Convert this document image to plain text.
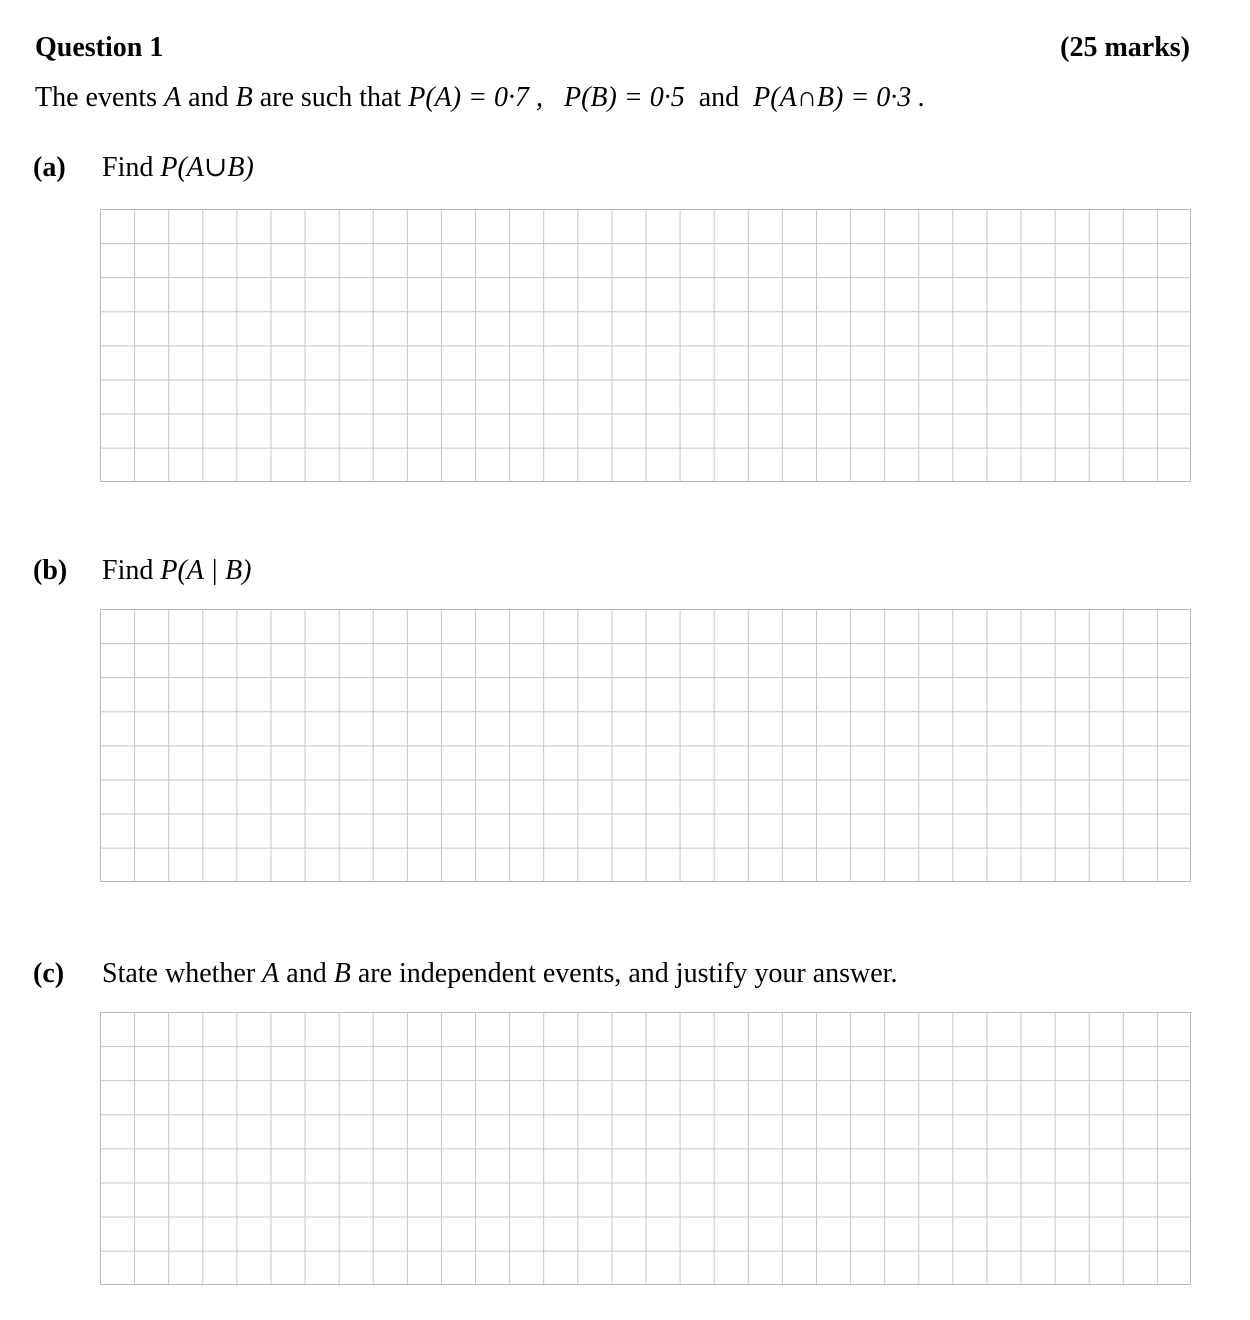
Question 1	(25 marks)
The events A and B are such that P(A) = 0·7 , P(B) = 0·5 and P(A∩B) = 0·3 .
(a) Find P(A∪B)
(b) Find P(A | B)
(c) State whether A and B are independent events, and justify your answer.
